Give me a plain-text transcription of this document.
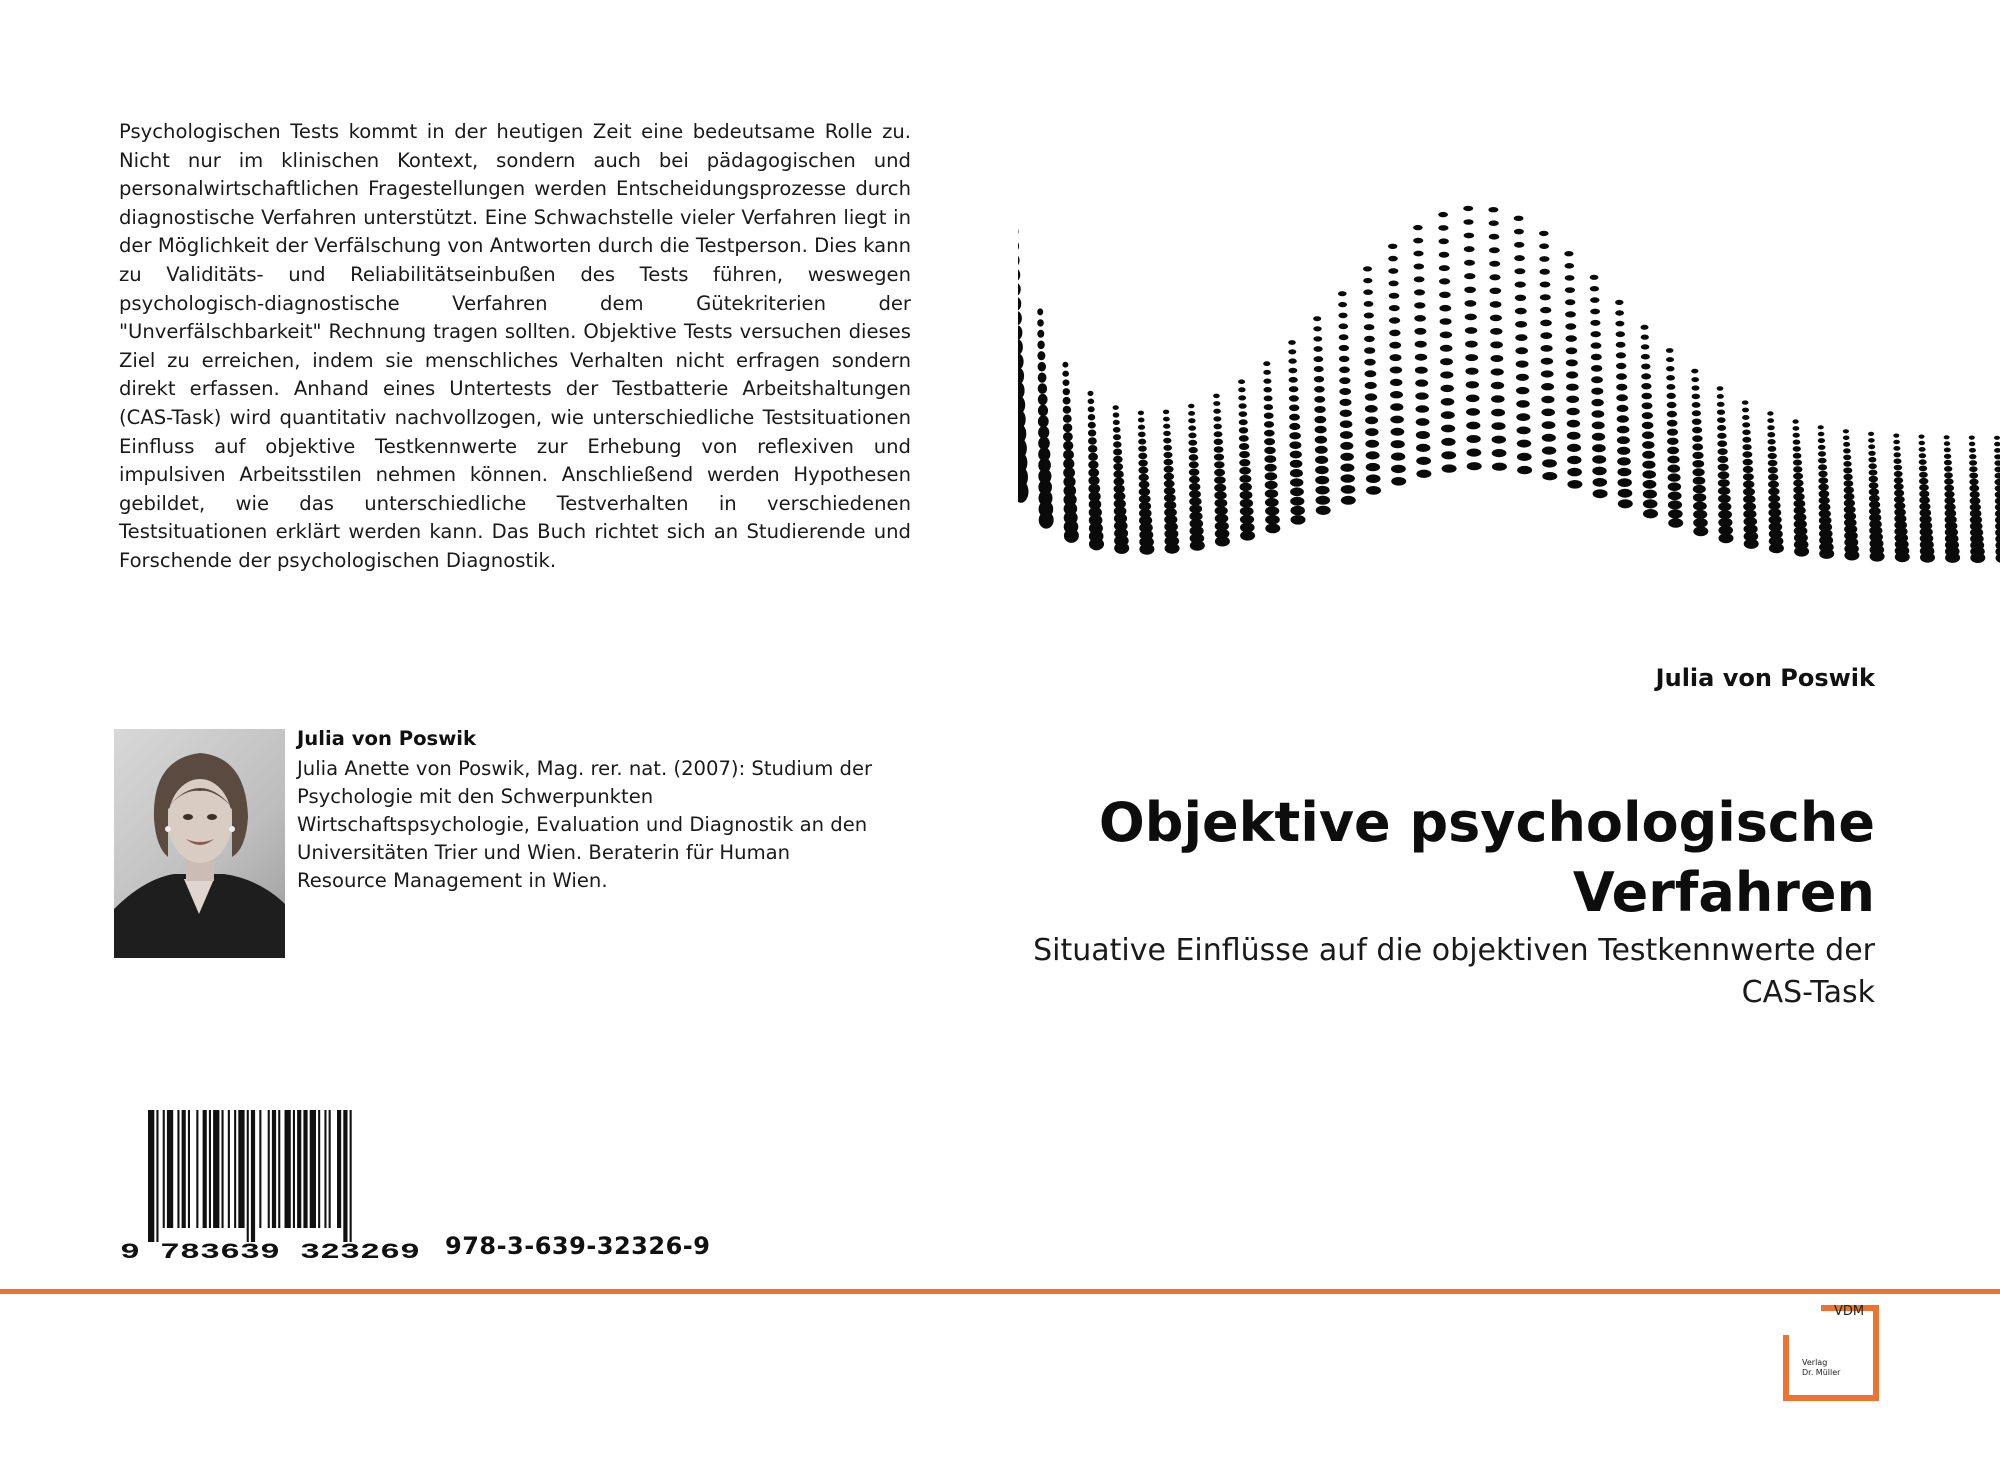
Psychologischen Tests kommt in der heutigen Zeit eine bedeutsame Rolle zu. Nicht nur im klinischen Kontext, sondern auch bei pädagogischen und personalwirtschaftlichen Fragestellungen werden Entscheidungsprozesse durch diagnostische Verfahren unterstützt. Eine Schwachstelle vieler Verfahren liegt in der Möglichkeit der Verfälschung von Antworten durch die Testperson. Dies kann zu Validitäts- und Reliabilitätseinbußen des Tests führen, weswegen psychologisch-diagnostische Verfahren dem Gütekriterien der "Unverfälschbarkeit" Rechnung tragen sollten. Objektive Tests versuchen dieses Ziel zu erreichen, indem sie menschliches Verhalten nicht erfragen sondern direkt erfassen. Anhand eines Untertests der Testbatterie Arbeitshaltungen (CAS-Task) wird quantitativ nachvollzogen, wie unterschiedliche Testsituationen Einfluss auf objektive Testkennwerte zur Erhebung von reflexiven und impulsiven Arbeitsstilen nehmen können. Anschließend werden Hypothesen gebildet, wie das unterschiedliche Testverhalten in verschiedenen Testsituationen erklärt werden kann. Das Buch richtet sich an Studierende und Forschende der psychologischen Diagnostik.

Julia von Poswik
Objektive psychologische Verfahren

Situative Einflüsse auf die objektiven Testkennwerte der CAS-Task

Julia von Poswik

Julia Anette von Poswik, Mag. rer. nat. (2007): Studium der Psychologie mit den Schwerpunkten Wirtschaftspsychologie, Evaluation und Diagnostik an den Universitäten Trier und Wien. Beraterin für Human Resource Management in Wien.

9 783639 323269 978-3-639-32326-9
VDM
Verlag
Dr. Müller
